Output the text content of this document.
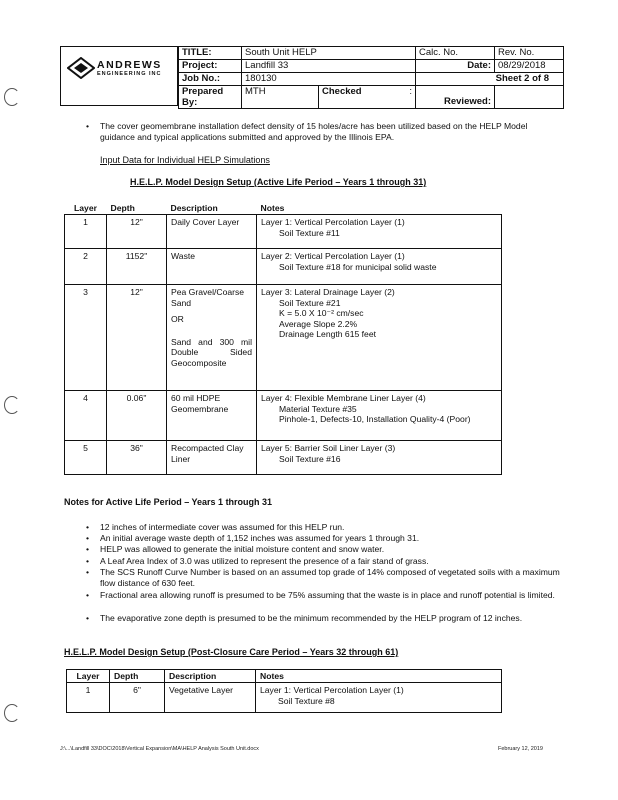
ANDREWS
ENGINEERING INC
TITLE:	South Unit HELP		Calc. No.		Rev. No.
Project:	Landfill 33		Date:		08/29/2018
Job No.:	180130		Sheet 2 of 8		
Prepared By:	MTH	Checked :	Reviewed:		
• The cover geomembrane installation defect density of 15 holes/acre has been utilized based on the HELP Model guidance and typical applications submitted and approved by the Illinois EPA.
Input Data for Individual HELP Simulations
H.E.L.P. Model Design Setup (Active Life Period – Years 1 through 31)
Layer	Depth	Description	Notes
1	12"	Daily Cover Layer	Layer 1: Vertical Percolation Layer (1)
Soil Texture #11

2	1152"	Waste	Layer 2: Vertical Percolation Layer (1)
Soil Texture #18 for municipal solid waste

3	12"	Pea Gravel/Coarse Sand
OR
Sand and 300 mil Double Sided Geocomposite	Layer 3: Lateral Drainage Layer (2)
Soil Texture #21
K = 5.0 X 10⁻² cm/sec
Average Slope 2.2%
Drainage Length 615 feet

4	0.06"	60 mil HDPE Geomembrane	Layer 4: Flexible Membrane Liner Layer (4)
Material Texture #35
Pinhole-1, Defects-10, Installation Quality-4 (Poor)

5	36"	Recompacted Clay Liner	Layer 5: Barrier Soil Liner Layer (3)
Soil Texture #16
Notes for Active Life Period – Years 1 through 31
• 12 inches of intermediate cover was assumed for this HELP run.
• An initial average waste depth of 1,152 inches was assumed for years 1 through 31.
• HELP was allowed to generate the initial moisture content and snow water.
• A Leaf Area Index of 3.0 was utilized to represent the presence of a fair stand of grass.
• The SCS Runoff Curve Number is based on an assumed top grade of 14% composed of vegetated soils with a maximum flow distance of 630 feet.
• Fractional area allowing runoff is presumed to be 75% assuming that the waste is in place and runoff potential is limited.
• The evaporative zone depth is presumed to be the minimum recommended by the HELP program of 12 inches.
H.E.L.P. Model Design Setup (Post-Closure Care Period – Years 32 through 61)
Layer	Depth	Description	Notes
1	6"	Vegetative Layer	Layer 1: Vertical Percolation Layer (1)
Soil Texture #8
J:\...\Landfill 33\DOC\2018\Vertical Expansion\MA\HELP Analysis South Unit.docx	February 12, 2019
